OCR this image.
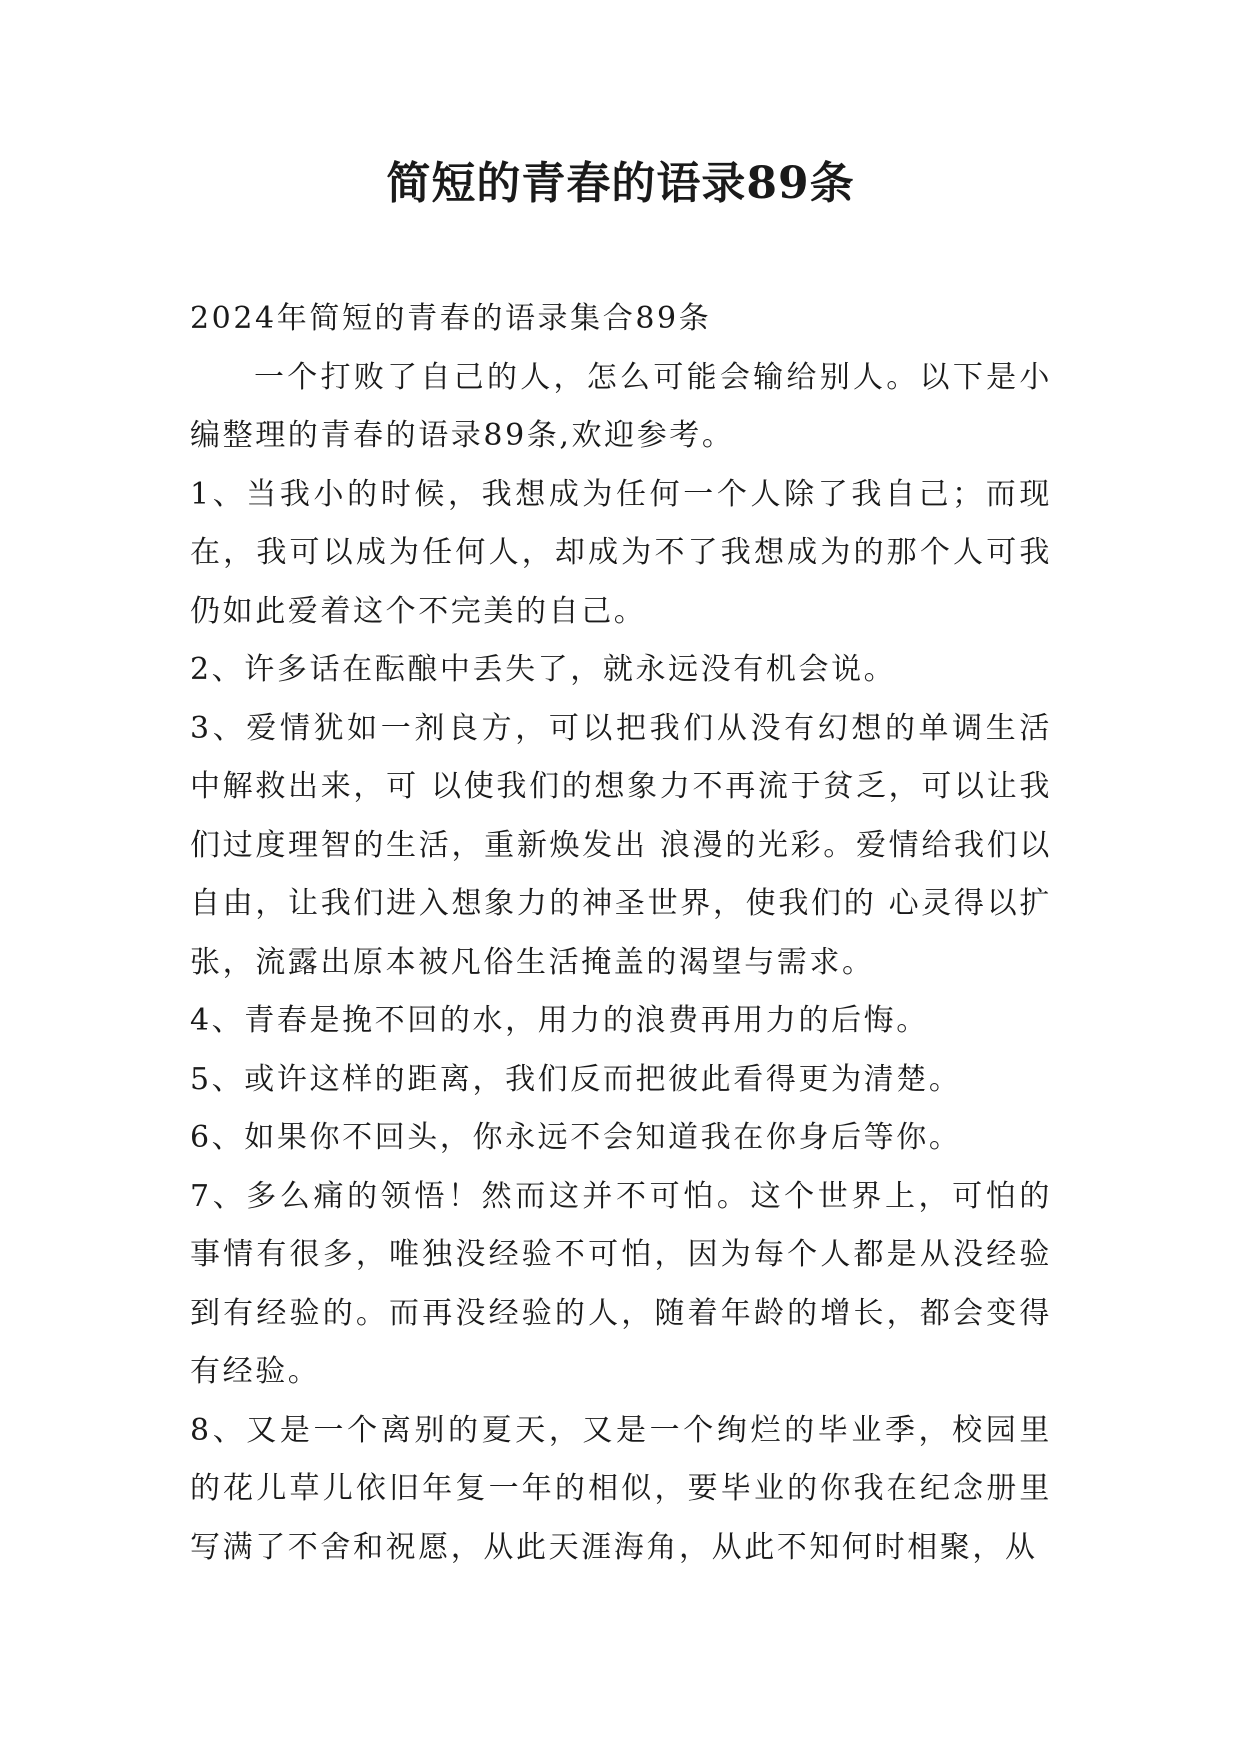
简短的青春的语录89条

2024年简短的青春的语录集合89条

一个打败了自己的人，怎么可能会输给别人。以下是小编整理的青春的语录89条,欢迎参考。

1、当我小的时候，我想成为任何一个人除了我自己；而现在，我可以成为任何人，却成为不了我想成为的那个人可我仍如此爱着这个不完美的自己。

2、许多话在酝酿中丢失了，就永远没有机会说。

3、爱情犹如一剂良方，可以把我们从没有幻想的单调生活中解救出来，可 以使我们的想象力不再流于贫乏，可以让我们过度理智的生活，重新焕发出 浪漫的光彩。爱情给我们以自由，让我们进入想象力的神圣世界，使我们的 心灵得以扩张，流露出原本被凡俗生活掩盖的渴望与需求。

4、青春是挽不回的水，用力的浪费再用力的后悔。

5、或许这样的距离，我们反而把彼此看得更为清楚。

6、如果你不回头，你永远不会知道我在你身后等你。

7、多么痛的领悟！然而这并不可怕。这个世界上，可怕的事情有很多，唯独没经验不可怕，因为每个人都是从没经验到有经验的。而再没经验的人，随着年龄的增长，都会变得有经验。

8、又是一个离别的夏天，又是一个绚烂的毕业季，校园里的花儿草儿依旧年复一年的相似，要毕业的你我在纪念册里写满了不舍和祝愿，从此天涯海角，从此不知何时相聚，从
